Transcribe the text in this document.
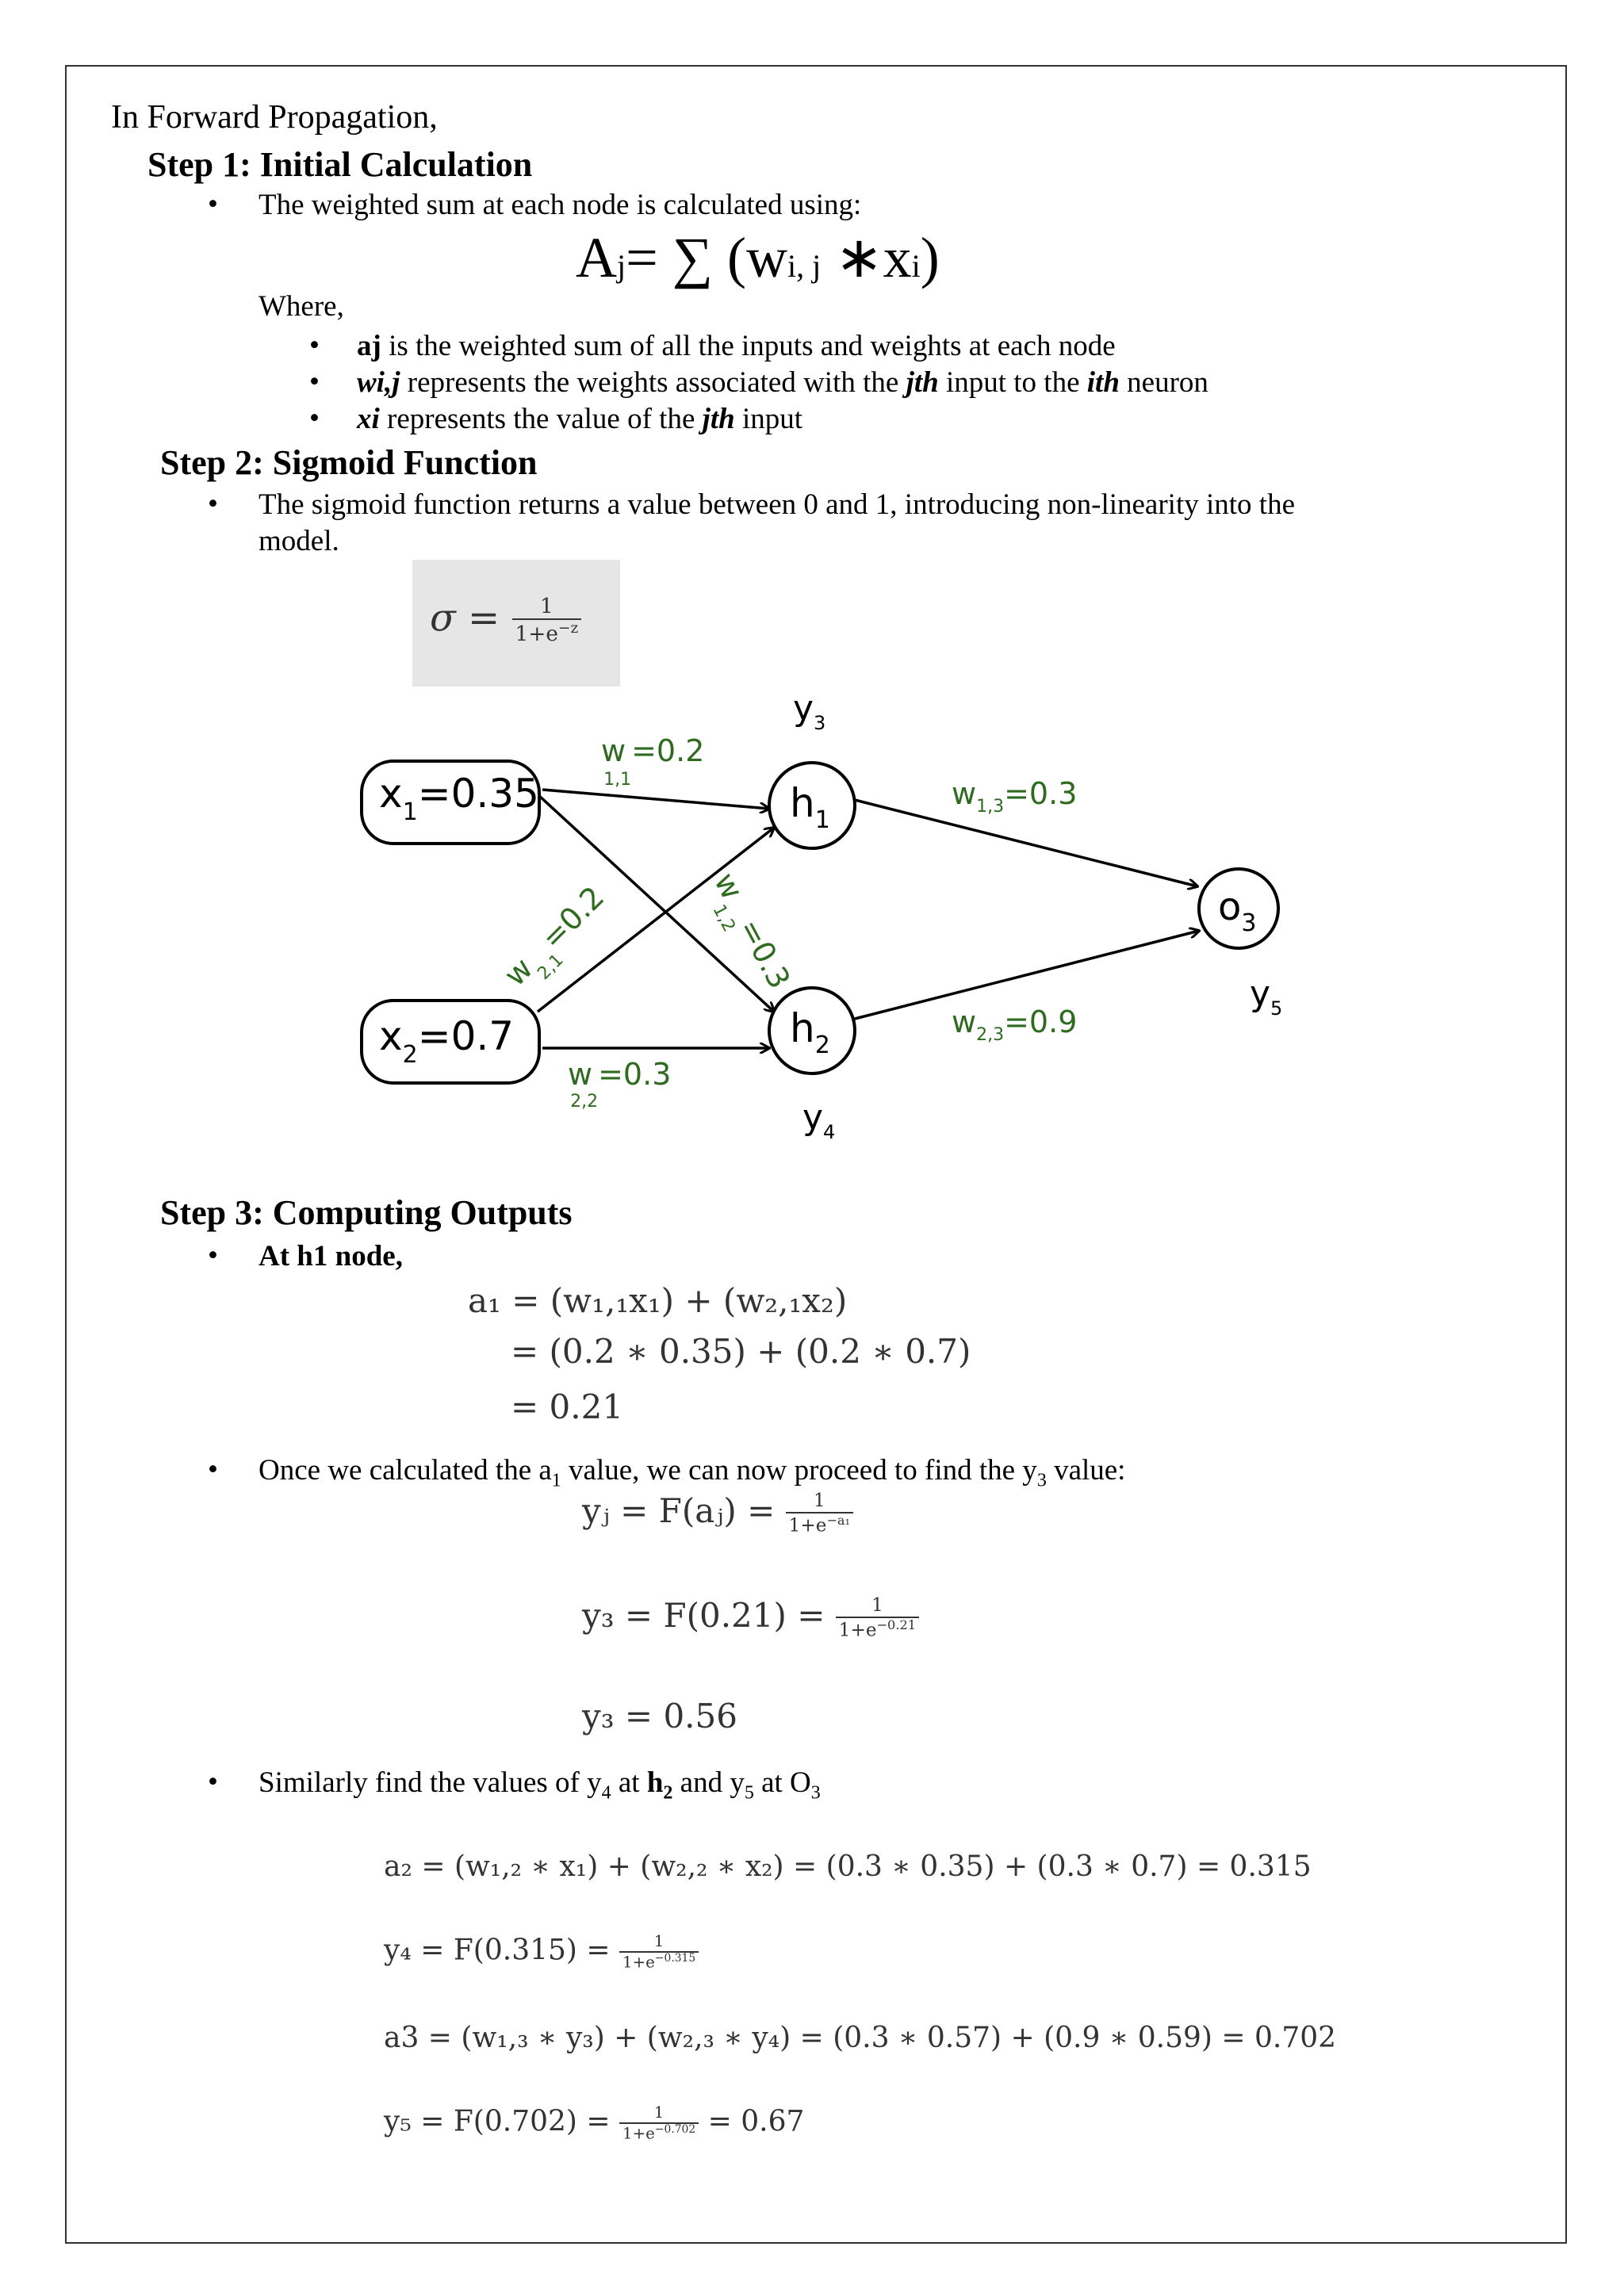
In Forward Propagation,
Step 1: Initial Calculation
• The weighted sum at each node is calculated using:
Aj= ∑ (wi, j ∗xi)
Where,
• aj is the weighted sum of all the inputs and weights at each node
• wi,j represents the weights associated with the jth input to the ith neuron
• xi represents the value of the jth input
Step 2: Sigmoid Function
• The sigmoid function returns a value between 0 and 1, introducing non-linearity into the
model.
$\sigma = \frac{1}{1+e^{-z}}$
$x_1=0.35$
$x_2=0.7$
$h_1$
$h_2$
$o_3$
$y_3$
$y_4$
$y_5$
w 1,1=0.2
$w_{2,1}=0.2$	$w_{1,2}=0.3$
w 2,2=0.3
$w_{1,3}=0.3$
$w_{2,3}=0.9$
Step 3: Computing Outputs
• At h1 node,
a₁ = (w₁,₁x₁) + (w₂,₁x₂)
= (0.2 ∗ 0.35) + (0.2 ∗ 0.7)
= 0.21
• Once we calculated the $a_1$ value, we can now proceed to find the $y_3$ value:
yⱼ = F(aⱼ) = $\frac{1}{1+e^{-a_1}}$
$y_3 = F(0.21) = \frac{1}{1+e^{-0.21}}$
y₃ = 0.56
• Similarly find the values of $y_4$ at $h_2$ and $y_5$ at $O_3$
a₂ = (w₁,₂ ∗ x₁) + (w₂,₂ ∗ x₂) = (0.3 ∗ 0.35) + (0.3 ∗ 0.7) = 0.315
$y_4 = F(0.315) = \frac{1}{1+e^{-0.315}}$
a3 = (w₁,₃ ∗ y₃) + (w₂,₃ ∗ y₄) = (0.3 ∗ 0.57) + (0.9 ∗ 0.59) = 0.702
$y_5 = F(0.702) = \frac{1}{1+e^{-0.702}} = 0.67$
